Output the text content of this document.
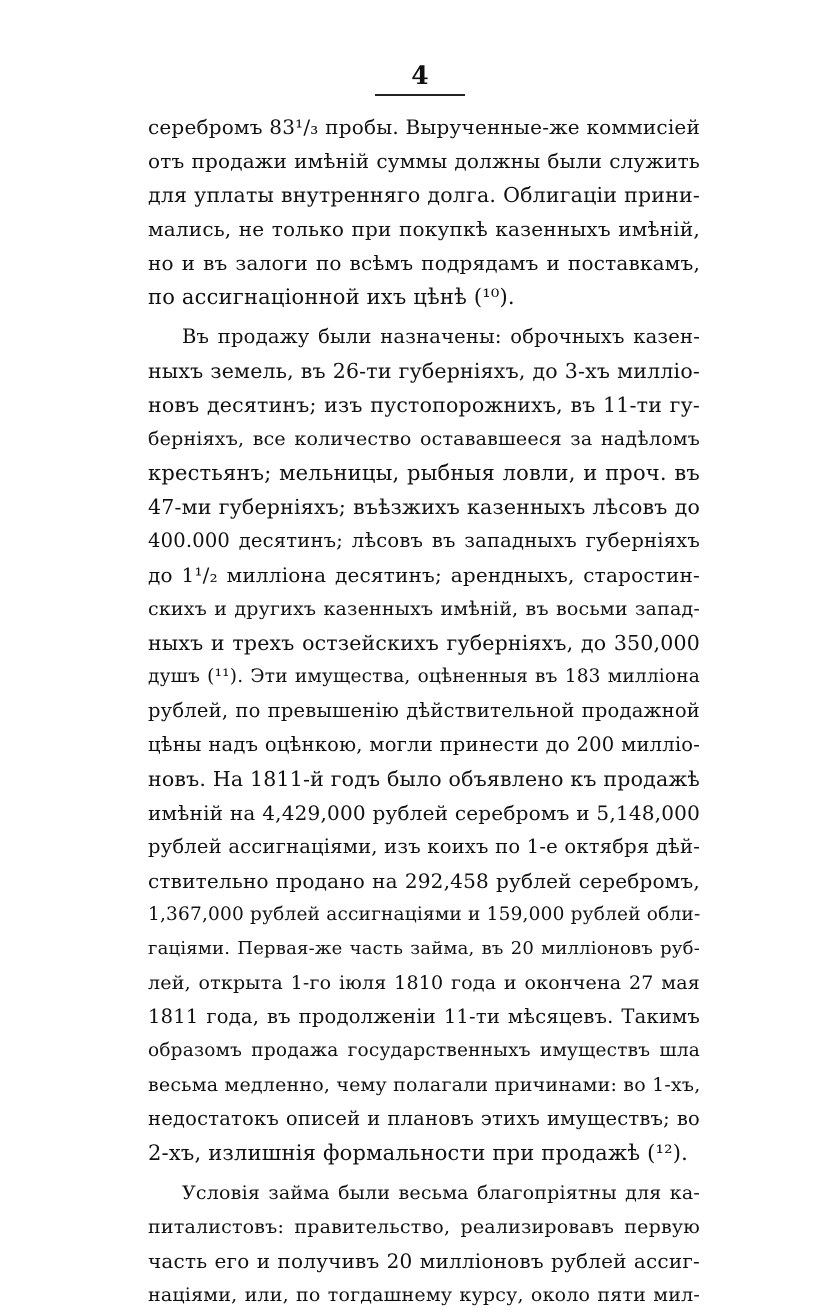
4
серебромъ 83¹/₃ пробы. Вырученные-же коммисіей
отъ продажи имѣній суммы должны были служить
для уплаты внутренняго долга. Облигаціи прини-
мались, не только при покупкѣ казенныхъ имѣній,
но и въ залоги по всѣмъ подрядамъ и поставкамъ,
по ассигнаціонной ихъ цѣнѣ (¹⁰).
Въ продажу были назначены: оброчныхъ казен-
ныхъ земель, въ 26-ти губерніяхъ, до 3-хъ милліо-
новъ десятинъ; изъ пустопорожнихъ, въ 11-ти гу-
берніяхъ, все количество остававшееся за надѣломъ
крестьянъ; мельницы, рыбныя ловли, и проч. въ
47-ми губерніяхъ; въѣзжихъ казенныхъ лѣсовъ до
400.000 десятинъ; лѣсовъ въ западныхъ губерніяхъ
до 1¹/₂ милліона десятинъ; арендныхъ, старостин-
скихъ и другихъ казенныхъ имѣній, въ восьми запад-
ныхъ и трехъ остзейскихъ губерніяхъ, до 350,000
душъ (¹¹). Эти имущества, оцѣненныя въ 183 милліона
рублей, по превышенію дѣйствительной продажной
цѣны надъ оцѣнкою, могли принести до 200 милліо-
новъ. На 1811-й годъ было объявлено къ продажѣ
имѣній на 4,429,000 рублей серебромъ и 5,148,000
рублей ассигнаціями, изъ коихъ по 1-е октября дѣй-
ствительно продано на 292,458 рублей серебромъ,
1,367,000 рублей ассигнаціями и 159,000 рублей обли-
гаціями. Первая-же часть займа, въ 20 милліоновъ руб-
лей, открыта 1-го іюля 1810 года и окончена 27 мая
1811 года, въ продолженіи 11-ти мѣсяцевъ. Такимъ
образомъ продажа государственныхъ имуществъ шла
весьма медленно, чему полагали причинами: во 1-хъ,
недостатокъ описей и плановъ этихъ имуществъ; во
2-хъ, излишнія формальности при продажѣ (¹²).
Условія займа были весьма благопріятны для ка-
питалистовъ: правительство, реализировавъ первую
часть его и получивъ 20 милліоновъ рублей ассиг-
націями, или, по тогдашнему курсу, около пяти мил-
